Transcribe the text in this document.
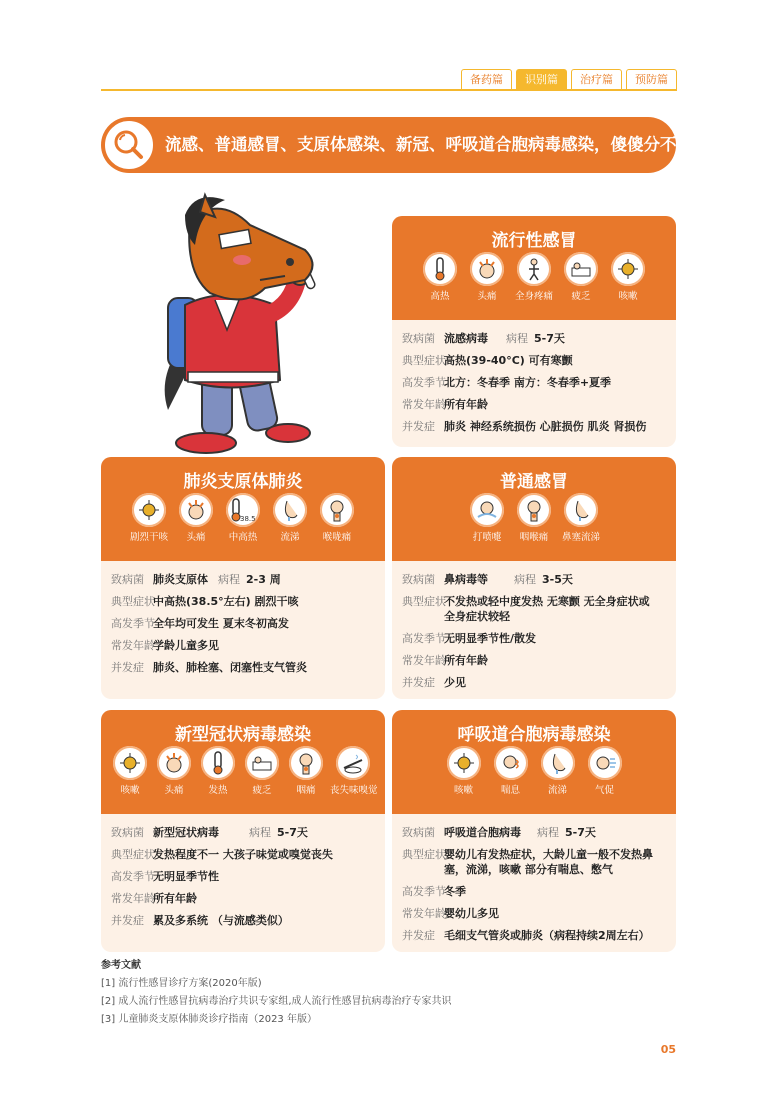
备药篇	识别篇	治疗篇	预防篇
流感、普通感冒、支原体感染、新冠、呼吸道合胞病毒感染，傻傻分不清
流行性感冒
高热	头痛	全身疼痛	疲乏	咳嗽
致病菌 流感病毒 病程 5-7天
典型症状
高热(39-40°C) 可有寒颤
高发季节
北方：冬春季 南方：冬春季+夏季
常发年龄
所有年龄
并发症 肺炎 神经系统损伤 心脏损伤 肌炎 肾损伤
肺炎支原体肺炎
剧烈干咳	头痛
38.5
中高热	流涕	喉咙痛
致病菌 肺炎支原体 病程 2-3 周
典型症状
中高热(38.5°左右) 剧烈干咳
高发季节
全年均可发生 夏末冬初高发
常发年龄
学龄儿童多见
并发症 肺炎、肺栓塞、闭塞性支气管炎
普通感冒
打喷嚏	咽喉痛	鼻塞流涕
致病菌 鼻病毒等 病程 3-5天
典型症状
不发热或轻中度发热 无寒颤 无全身症状或全身症状较轻
高发季节
无明显季节性/散发
常发年龄
所有年龄
并发症 少见
新型冠状病毒感染
咳嗽	头痛	发热	疲乏	咽痛	丧失味嗅觉
致病菌 新型冠状病毒	病程 5-7天
典型症状
发热程度不一 大孩子味觉或嗅觉丧失
高发季节
无明显季节性
常发年龄
所有年龄
并发症 累及多系统 （与流感类似）
呼吸道合胞病毒感染
咳嗽	喘息	流涕	气促
致病菌 呼吸道合胞病毒 病程 5-7天
典型症状
婴幼儿有发热症状，大龄儿童一般不发热鼻塞，流涕，咳嗽 部分有喘息、憋气
高发季节
冬季
常发年龄
婴幼儿多见
并发症 毛细支气管炎或肺炎（病程持续2周左右）
参考文献
[1] 流行性感冒诊疗方案(2020年版)
[2] 成人流行性感冒抗病毒治疗共识专家组,成人流行性感冒抗病毒治疗专家共识
[3] 儿童肺炎支原体肺炎诊疗指南（2023 年版）
05
